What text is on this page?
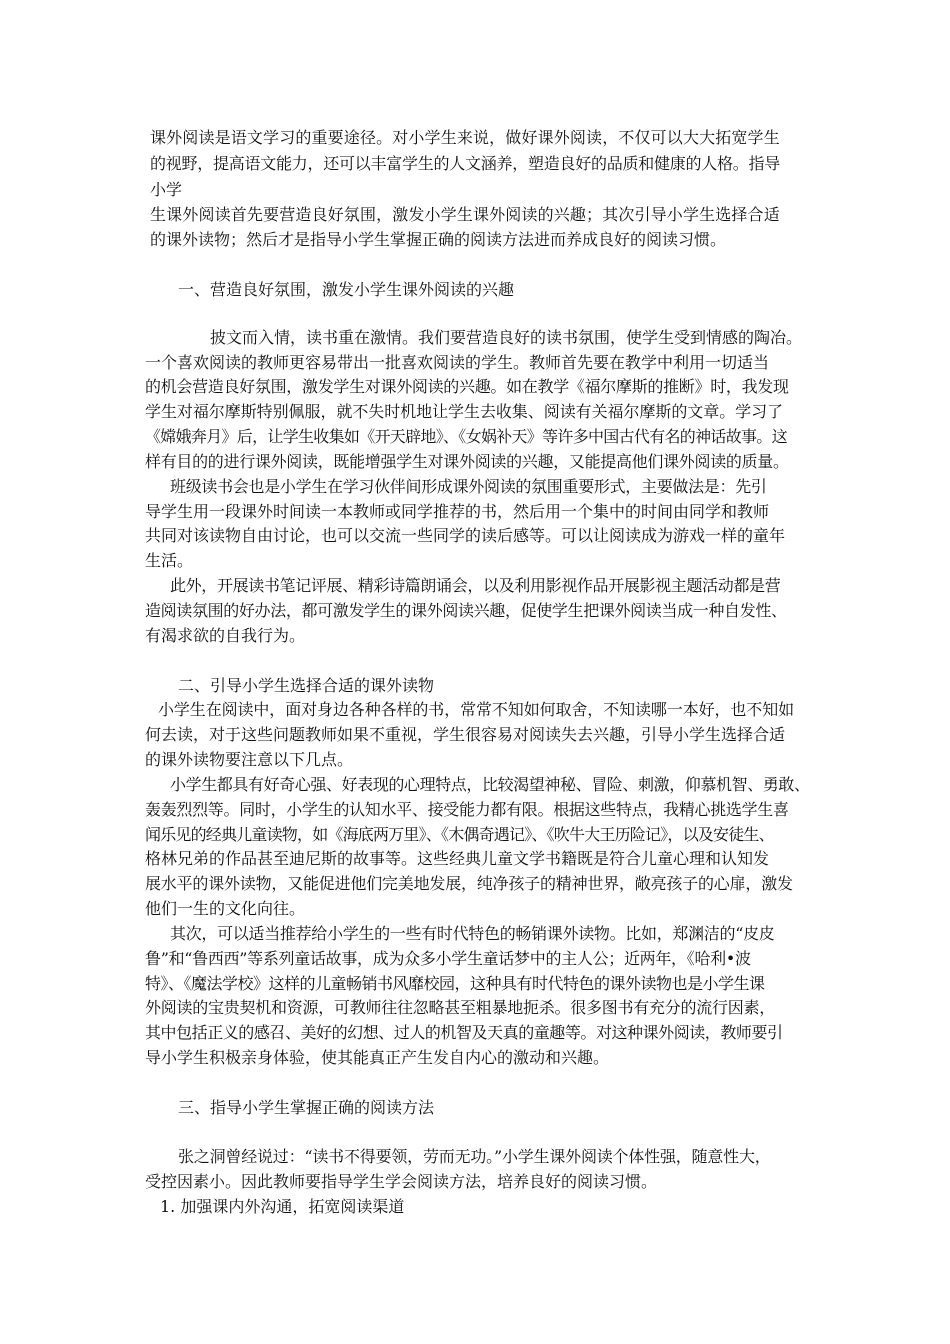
课外阅读是语文学习的重要途径。对小学生来说，做好课外阅读，不仅可以大大拓宽学生
的视野，提高语文能力，还可以丰富学生的人文涵养，塑造良好的品质和健康的人格。指导
小学
生课外阅读首先要营造良好氛围，激发小学生课外阅读的兴趣；其次引导小学生选择合适
的课外读物；然后才是指导小学生掌握正确的阅读方法进而养成良好的阅读习惯。
一、营造良好氛围，激发小学生课外阅读的兴趣
披文而入情，读书重在激情。我们要营造良好的读书氛围，使学生受到情感的陶冶。
一个喜欢阅读的教师更容易带出一批喜欢阅读的学生。教师首先要在教学中利用一切适当
的机会营造良好氛围，激发学生对课外阅读的兴趣。如在教学《福尔摩斯的推断》时，我发现
学生对福尔摩斯特别佩服，就不失时机地让学生去收集、阅读有关福尔摩斯的文章。学习了
《嫦娥奔月》后，让学生收集如《开天辟地》、《女娲补天》等许多中国古代有名的神话故事。这
样有目的的进行课外阅读，既能增强学生对课外阅读的兴趣，又能提高他们课外阅读的质量。
班级读书会也是小学生在学习伙伴间形成课外阅读的氛围重要形式，主要做法是：先引
导学生用一段课外时间读一本教师或同学推荐的书，然后用一个集中的时间由同学和教师
共同对该读物自由讨论，也可以交流一些同学的读后感等。可以让阅读成为游戏一样的童年
生活。
此外，开展读书笔记评展、精彩诗篇朗诵会，以及利用影视作品开展影视主题活动都是营
造阅读氛围的好办法，都可激发学生的课外阅读兴趣，促使学生把课外阅读当成一种自发性、
有渴求欲的自我行为。
二、引导小学生选择合适的课外读物
小学生在阅读中，面对身边各种各样的书，常常不知如何取舍，不知读哪一本好，也不知如
何去读，对于这些问题教师如果不重视，学生很容易对阅读失去兴趣，引导小学生选择合适
的课外读物要注意以下几点。
小学生都具有好奇心强、好表现的心理特点，比较渴望神秘、冒险、刺激，仰慕机智、勇敢、
轰轰烈烈等。同时，小学生的认知水平、接受能力都有限。根据这些特点，我精心挑选学生喜
闻乐见的经典儿童读物，如《海底两万里》、《木偶奇遇记》、《吹牛大王历险记》，以及安徒生、
格林兄弟的作品甚至迪尼斯的故事等。这些经典儿童文学书籍既是符合儿童心理和认知发
展水平的课外读物，又能促进他们完美地发展，纯净孩子的精神世界，敞亮孩子的心扉，激发
他们一生的文化向往。
其次，可以适当推荐给小学生的一些有时代特色的畅销课外读物。比如，郑渊洁的“皮皮
鲁”和“鲁西西”等系列童话故事，成为众多小学生童话梦中的主人公；近两年，《哈利•波
特》、《魔法学校》这样的儿童畅销书风靡校园，这种具有时代特色的课外读物也是小学生课
外阅读的宝贵契机和资源，可教师往往忽略甚至粗暴地扼杀。很多图书有充分的流行因素，
其中包括正义的感召、美好的幻想、过人的机智及天真的童趣等。对这种课外阅读，教师要引
导小学生积极亲身体验，使其能真正产生发自内心的激动和兴趣。
三、指导小学生掌握正确的阅读方法
张之洞曾经说过：“读书不得要领，劳而无功。”小学生课外阅读个体性强，随意性大，
受控因素小。因此教师要指导学生学会阅读方法，培养良好的阅读习惯。
1. 加强课内外沟通，拓宽阅读渠道
